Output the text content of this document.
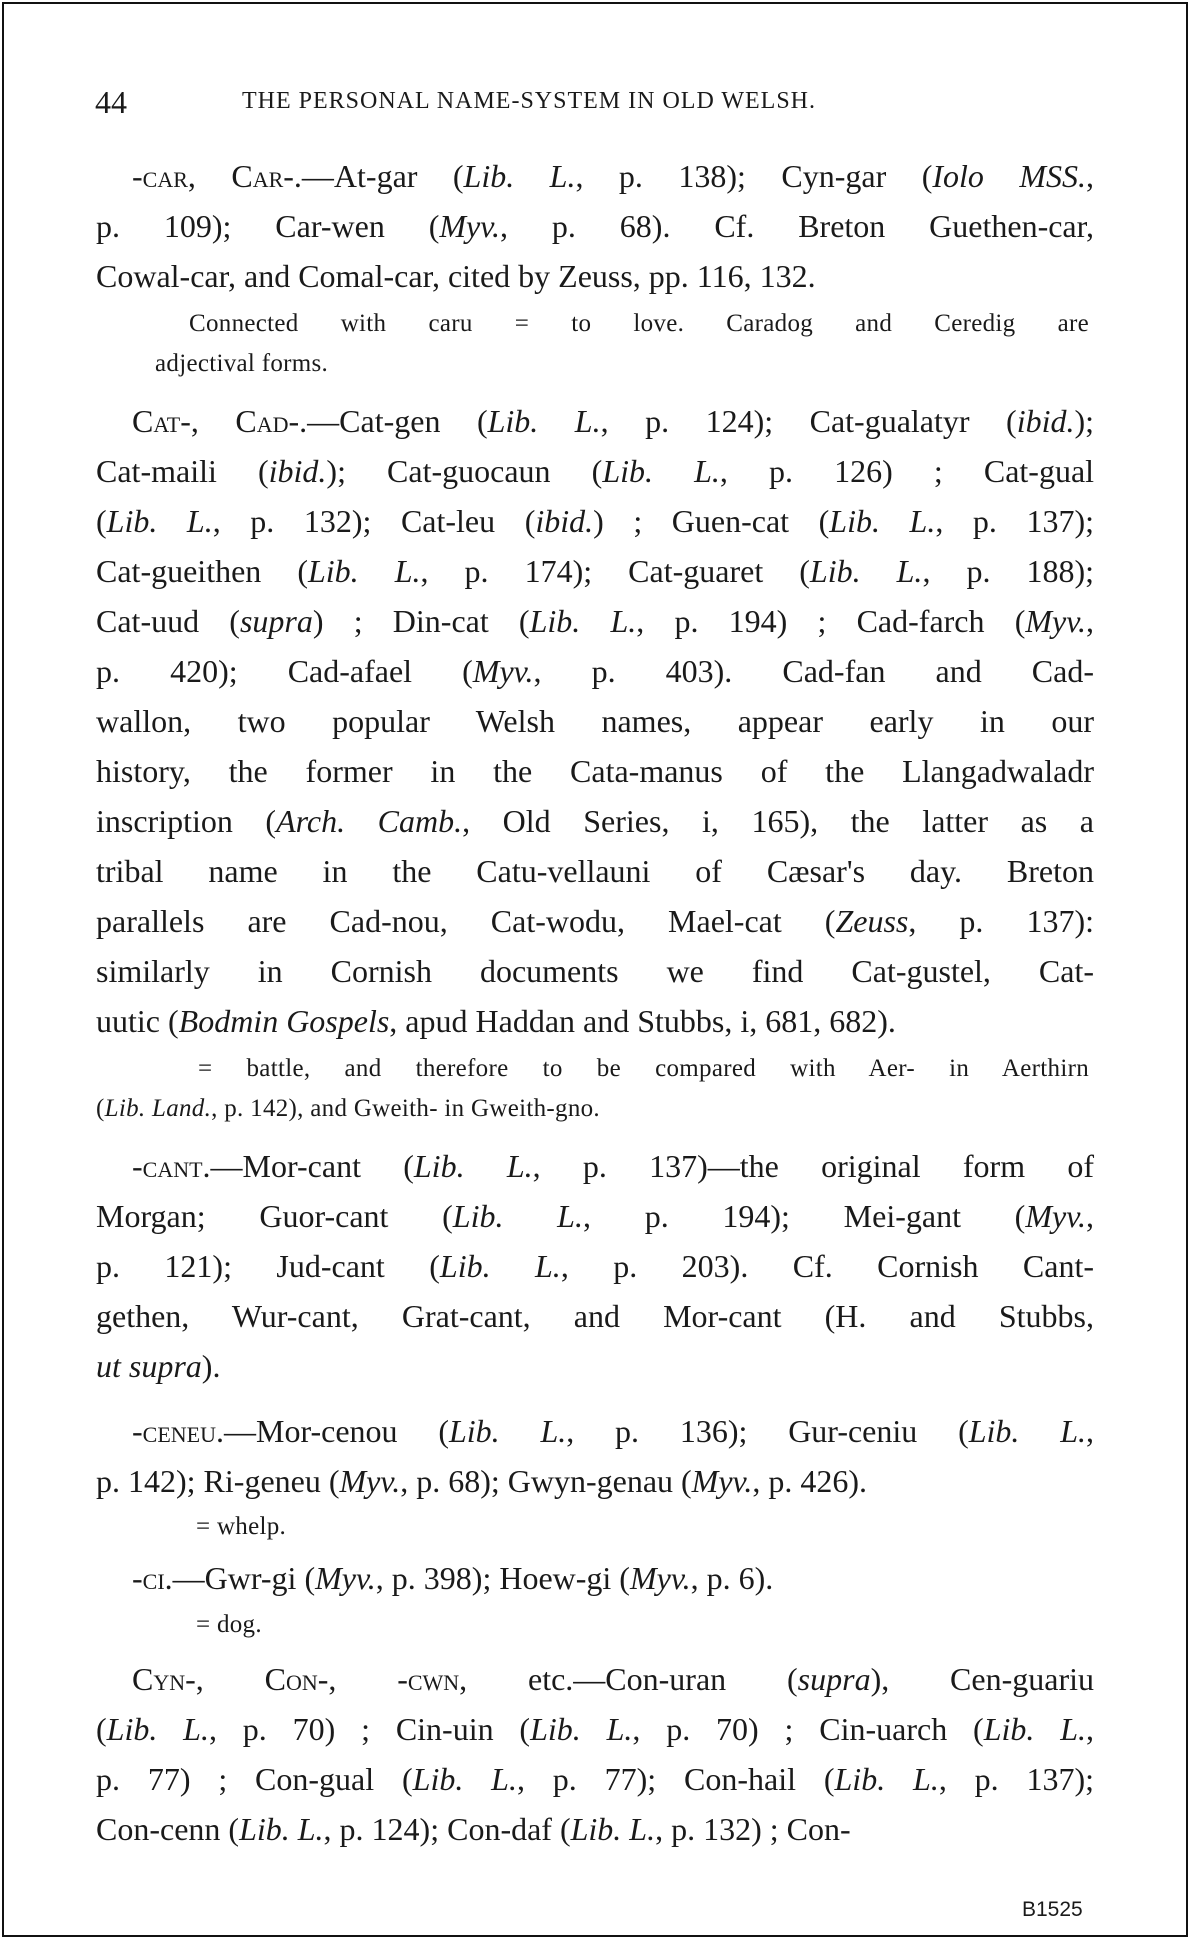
44	THE PERSONAL NAME-SYSTEM IN OLD WELSH.
-car, Car-.—At-gar (Lib. L., p. 138); Cyn-gar (Iolo MSS.,
p. 109); Car-wen (Myv., p. 68). Cf. Breton Guethen-car,
Cowal-car, and Comal-car, cited by Zeuss, pp. 116, 132.
Connected with caru = to love. Caradog and Ceredig are
adjectival forms.
Cat-, Cad-.—Cat-gen (Lib. L., p. 124); Cat-gualatyr (ibid.);
Cat-maili (ibid.); Cat-guocaun (Lib. L., p. 126) ; Cat-gual
(Lib. L., p. 132); Cat-leu (ibid.) ; Guen-cat (Lib. L., p. 137);
Cat-gueithen (Lib. L., p. 174); Cat-guaret (Lib. L., p. 188);
Cat-uud (supra) ; Din-cat (Lib. L., p. 194) ; Cad-farch (Myv.,
p. 420); Cad-afael (Myv., p. 403). Cad-fan and Cad-
wallon, two popular Welsh names, appear early in our
history, the former in the Cata-manus of the Llangadwaladr
inscription (Arch. Camb., Old Series, i, 165), the latter as a
tribal name in the Catu-vellauni of Cæsar's day. Breton
parallels are Cad-nou, Cat-wodu, Mael-cat (Zeuss, p. 137):
similarly in Cornish documents we find Cat-gustel, Cat-
uutic (Bodmin Gospels, apud Haddan and Stubbs, i, 681, 682).
= battle, and therefore to be compared with Aer- in Aerthirn
(Lib. Land., p. 142), and Gweith- in Gweith-gno.
-cant.—Mor-cant (Lib. L., p. 137)—the original form of
Morgan; Guor-cant (Lib. L., p. 194); Mei-gant (Myv.,
p. 121); Jud-cant (Lib. L., p. 203). Cf. Cornish Cant-
gethen, Wur-cant, Grat-cant, and Mor-cant (H. and Stubbs,
ut supra).
-ceneu.—Mor-cenou (Lib. L., p. 136); Gur-ceniu (Lib. L.,
p. 142); Ri-geneu (Myv., p. 68); Gwyn-genau (Myv., p. 426).
= whelp.
-ci.—Gwr-gi (Myv., p. 398); Hoew-gi (Myv., p. 6).
= dog.
Cyn-, Con-, -cwn, etc.—Con-uran (supra), Cen-guariu
(Lib. L., p. 70) ; Cin-uin (Lib. L., p. 70) ; Cin-uarch (Lib. L.,
p. 77) ; Con-gual (Lib. L., p. 77); Con-hail (Lib. L., p. 137);
Con-cenn (Lib. L., p. 124); Con-daf (Lib. L., p. 132) ; Con-
B1525
